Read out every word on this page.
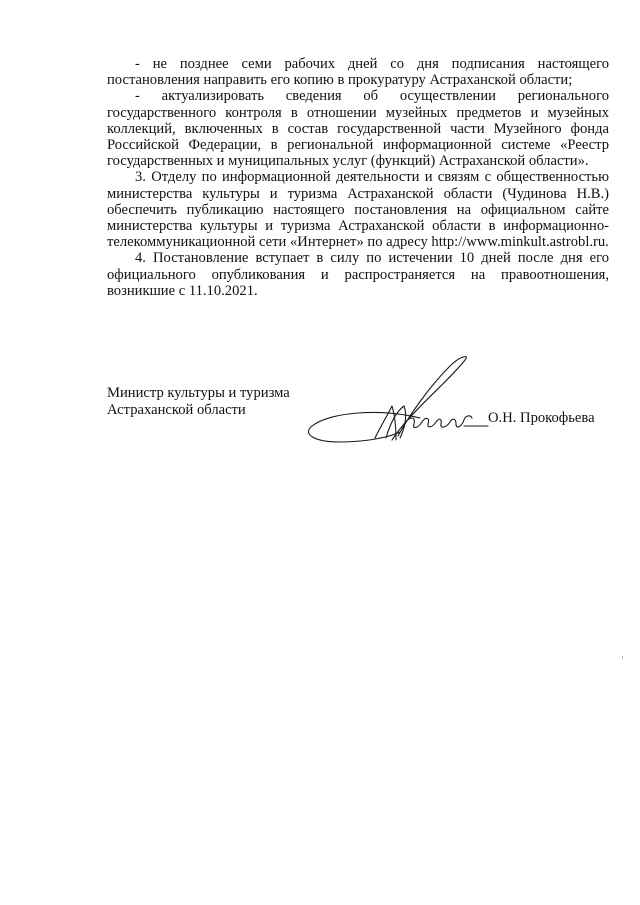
- не позднее семи рабочих дней со дня подписания настоящего постановления направить его копию в прокуратуру Астраханской области;

- актуализировать сведения об осуществлении регионального государственного контроля в отношении музейных предметов и музейных коллекций, включенных в состав государственной части Музейного фонда Российской Федерации, в региональной информационной системе «Реестр государственных и муниципальных услуг (функций) Астраханской области».

3. Отделу по информационной деятельности и связям с общественностью министерства культуры и туризма Астраханской области (Чудинова Н.В.) обеспечить публикацию настоящего постановления на официальном сайте министерства культуры и туризма Астраханской области в информационно-телекоммуникационной сети «Интернет» по адресу http://www.minkult.astrobl.ru.

4. Постановление вступает в силу по истечении 10 дней после дня его официального опубликования и распространяется на правоотношения, возникшие с 11.10.2021.

Министр культуры и туризма
Астраханской области	О.Н. Прокофьева
